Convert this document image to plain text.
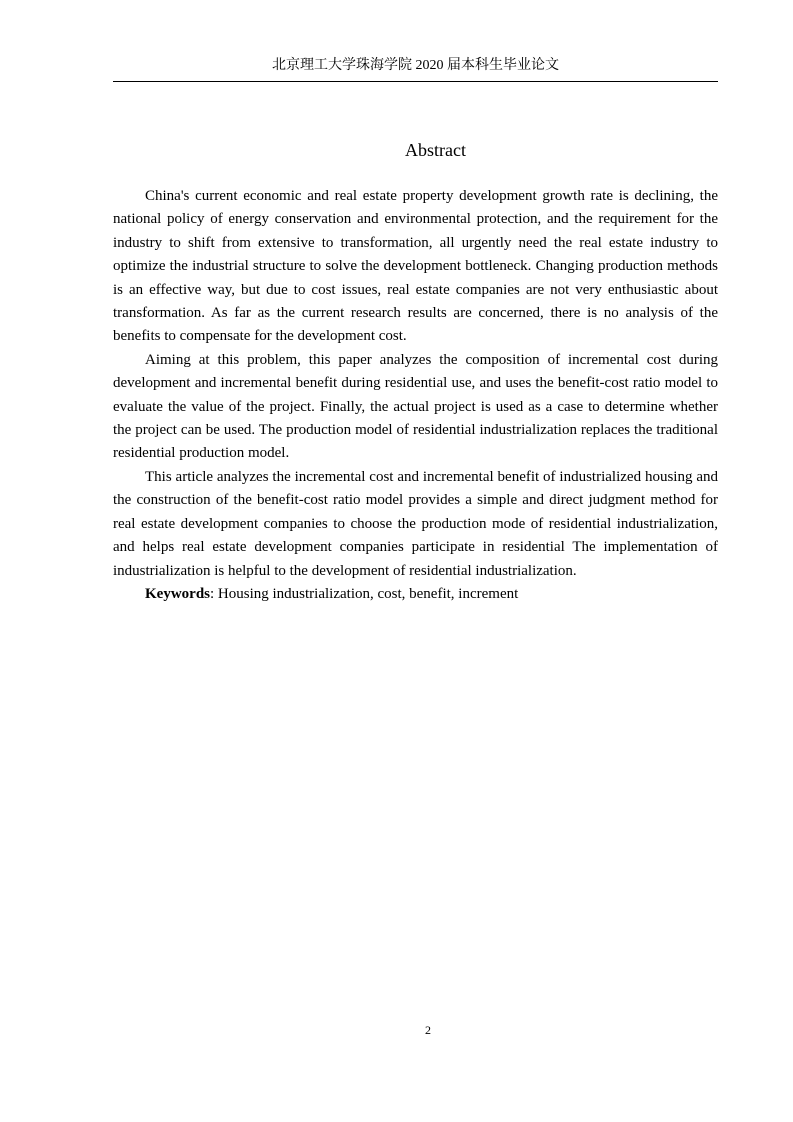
北京理工大学珠海学院 2020 届本科生毕业论文
Abstract

China's current economic and real estate property development growth rate is declining, the national policy of energy conservation and environmental protection, and the requirement for the industry to shift from extensive to transformation, all urgently need the real estate industry to optimize the industrial structure to solve the development bottleneck. Changing production methods is an effective way, but due to cost issues, real estate companies are not very enthusiastic about transformation. As far as the current research results are concerned, there is no analysis of the benefits to compensate for the development cost.

Aiming at this problem, this paper analyzes the composition of incremental cost during development and incremental benefit during residential use, and uses the benefit-cost ratio model to evaluate the value of the project. Finally, the actual project is used as a case to determine whether the project can be used. The production model of residential industrialization replaces the traditional residential production model.

This article analyzes the incremental cost and incremental benefit of industrialized housing and the construction of the benefit-cost ratio model provides a simple and direct judgment method for real estate development companies to choose the production mode of residential industrialization, and helps real estate development companies participate in residential The implementation of industrialization is helpful to the development of residential industrialization.

Keywords: Housing industrialization, cost, benefit, increment

2
